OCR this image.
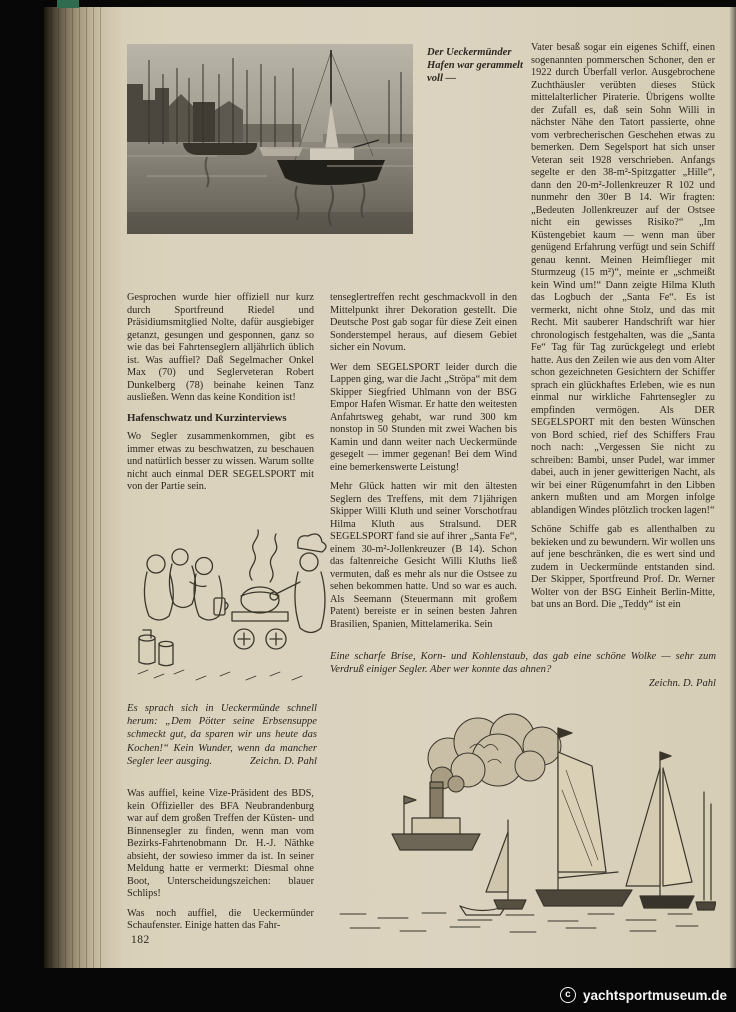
Der Ueckermünder Hafen war gerammelt voll —

Vater besaß sogar ein eigenes Schiff, einen sogenannten pommerschen Schoner, den er 1922 durch Überfall verlor. Ausgebrochene Zuchthäusler verübten dieses Stück mittelalterlicher Piraterie. Übrigens wollte der Zufall es, daß sein Sohn Willi in nächster Nähe den Tatort passierte, ohne vom verbrecherischen Geschehen etwas zu bemerken. Dem Segelsport hat sich unser Veteran seit 1928 verschrieben. Anfangs segelte er den 38-m²-Spitzgatter „Hille“, dann den 20-m²-Jollenkreuzer R 102 und nunmehr den 30er B 14. Wir fragten: „Bedeuten Jollenkreuzer auf der Ostsee nicht ein gewisses Risiko?“ „Im Küstengebiet kaum — wenn man über genügend Erfahrung verfügt und sein Schiff genau kennt. Meinen Heimflieger mit Sturmzeug (15 m²)“, meinte er „schmeißt kein Wind um!“ Dann zeigte Hilma Kluth das Logbuch der „Santa Fe“. Es ist vermerkt, nicht ohne Stolz, und das mit Recht. Mit sauberer Handschrift war hier chronologisch festgehalten, was die „Santa Fe“ Tag für Tag zurückgelegt und erlebt hatte. Aus den Zeilen wie aus den vom Alter schon gezeichneten Gesichtern der Schiffer sprach ein glückhaftes Erleben, wie es nun einmal nur wirkliche Fahrtensegler zu empfinden vermögen. Als DER SEGELSPORT mit den besten Wünschen von Bord schied, rief des Schiffers Frau noch nach: „Vergessen Sie nicht zu schreiben: Bambi, unser Pudel, war immer dabei, auch in jener gewitterigen Nacht, als wir bei einer Rügenumfahrt in den Libben ankern mußten und am Morgen infolge ablandigen Windes plötzlich trocken lagen!“

Schöne Schiffe gab es allenthalben zu bekieken und zu bewundern. Wir wollen uns auf jene beschränken, die es wert sind und zudem in Ueckermünde entstanden sind. Der Skipper, Sportfreund Prof. Dr. Werner Wolter von der BSG Einheit Berlin-Mitte, bat uns an Bord. Die „Teddy“ ist ein

Gesprochen wurde hier offiziell nur kurz durch Sportfreund Riedel und Präsidiumsmitglied Nolte, dafür ausgiebiger getanzt, gesungen und gesponnen, ganz so wie das bei Fahrtenseglern alljährlich üblich ist. Was auffiel? Daß Segelmacher Onkel Max (70) und Seglerveteran Robert Dunkelberg (78) beinahe keinen Tanz ausließen. Wenn das keine Kondition ist!

Hafenschwatz und Kurzinterviews

Wo Segler zusammenkommen, gibt es immer etwas zu beschwatzen, zu beschauen und natürlich besser zu wissen. Warum sollte nicht auch einmal DER SEGELSPORT mit von der Partie sein.

tenseglertreffen recht geschmackvoll in den Mittelpunkt ihrer Dekoration gestellt. Die Deutsche Post gab sogar für diese Zeit einen Sonderstempel heraus, auf diesem Gebiet sicher ein Novum.

Wer dem SEGELSPORT leider durch die Lappen ging, war die Jacht „Ströpa“ mit dem Skipper Siegfried Uhlmann von der BSG Empor Hafen Wismar. Er hatte den weitesten Anfahrtsweg gehabt, war rund 300 km nonstop in 50 Stunden mit zwei Wachen bis Kamin und dann weiter nach Ueckermünde gesegelt — immer gegenan! Bei dem Wind eine bemerkenswerte Leistung!

Mehr Glück hatten wir mit den ältesten Seglern des Treffens, mit dem 71jährigen Skipper Willi Kluth und seiner Vorschotfrau Hilma Kluth aus Stralsund. DER SEGELSPORT fand sie auf ihrer „Santa Fe“, einem 30-m²-Jollenkreuzer (B 14). Schon das faltenreiche Gesicht Willi Kluths ließ vermuten, daß es mehr als nur die Ostsee zu sehen bekommen hatte. Und so war es auch. Als Seemann (Steuermann mit großem Patent) bereiste er in seinen besten Jahren Brasilien, Spanien, Mittelamerika. Sein

Es sprach sich in Ueckermünde schnell herum: „Dem Pötter seine Erbsensuppe schmeckt gut, da sparen wir uns heute das Kochen!“ Kein Wunder, wenn da mancher Segler leer ausging.	Zeichn. D. Pahl

Was auffiel, keine Vize-Präsident des BDS, kein Offizieller des BFA Neubrandenburg war auf dem großen Treffen der Küsten- und Binnensegler zu finden, wenn man vom Bezirks-Fahrtenobmann Dr. H.-J. Näthke absieht, der sowieso immer da ist. In seiner Meldung hatte er vermerkt: Diesmal ohne Boot, Unterscheidungszeichen: blauer Schlips!

Was noch auffiel, die Ueckermünder Schaufenster. Einige hatten das Fahr-

Eine scharfe Brise, Korn- und Kohlenstaub, das gab eine schöne Wolke — sehr zum Verdruß einiger Segler. Aber wer konnte das ahnen?

Zeichn. D. Pahl
182
c yachtsportmuseum.de
